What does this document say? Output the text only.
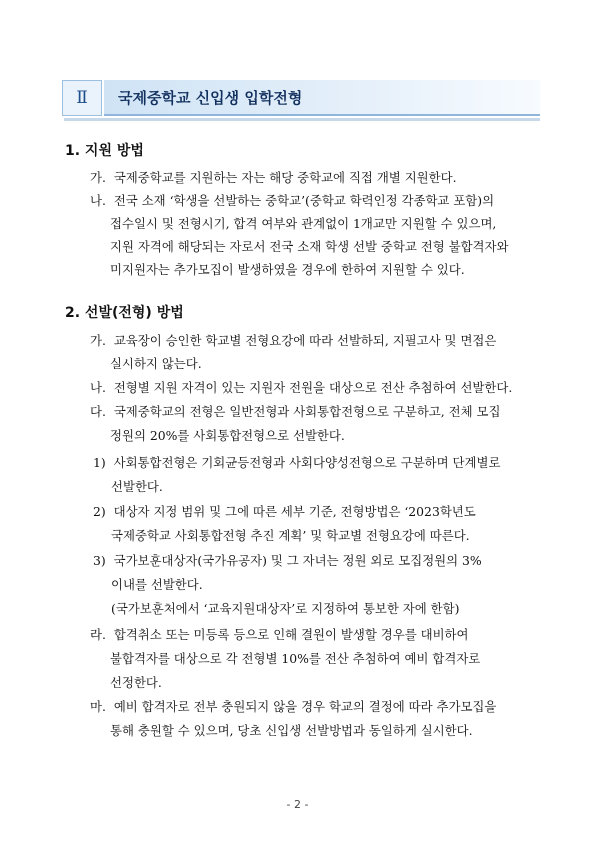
Ⅱ	국제중학교 신입생 입학전형
1. 지원 방법
가.  국제중학교를 지원하는 자는 해당 중학교에 직접 개별 지원한다.
나.  전국 소재 ‘학생을 선발하는 중학교’(중학교 학력인정 각종학교 포함)의
접수일시 및 전형시기, 합격 여부와 관계없이 1개교만 지원할 수 있으며,
지원 자격에 해당되는 자로서 전국 소재 학생 선발 중학교 전형 불합격자와
미지원자는 추가모집이 발생하였을 경우에 한하여 지원할 수 있다.
2. 선발(전형) 방법
가.  교육장이 승인한 학교별 전형요강에 따라 선발하되, 지필고사 및 면접은
실시하지 않는다.
나.  전형별 지원 자격이 있는 지원자 전원을 대상으로 전산 추첨하여 선발한다.
다.  국제중학교의 전형은 일반전형과 사회통합전형으로 구분하고, 전체 모집
정원의 20%를 사회통합전형으로 선발한다.
1)  사회통합전형은 기회균등전형과 사회다양성전형으로 구분하며 단계별로
선발한다.
2)  대상자 지정 범위 및 그에 따른 세부 기준, 전형방법은 ‘2023학년도
국제중학교 사회통합전형 추진 계획’ 및 학교별 전형요강에 따른다.
3)  국가보훈대상자(국가유공자) 및 그 자녀는 정원 외로 모집정원의 3%
이내를 선발한다.
(국가보훈처에서 ‘교육지원대상자’로 지정하여 통보한 자에 한함)
라.  합격취소 또는 미등록 등으로 인해 결원이 발생할 경우를 대비하여
불합격자를 대상으로 각 전형별 10%를 전산 추첨하여 예비 합격자로
선정한다.
마.  예비 합격자로 전부 충원되지 않을 경우 학교의 결정에 따라 추가모집을
통해 충원할 수 있으며, 당초 신입생 선발방법과 동일하게 실시한다.
- 2 -
